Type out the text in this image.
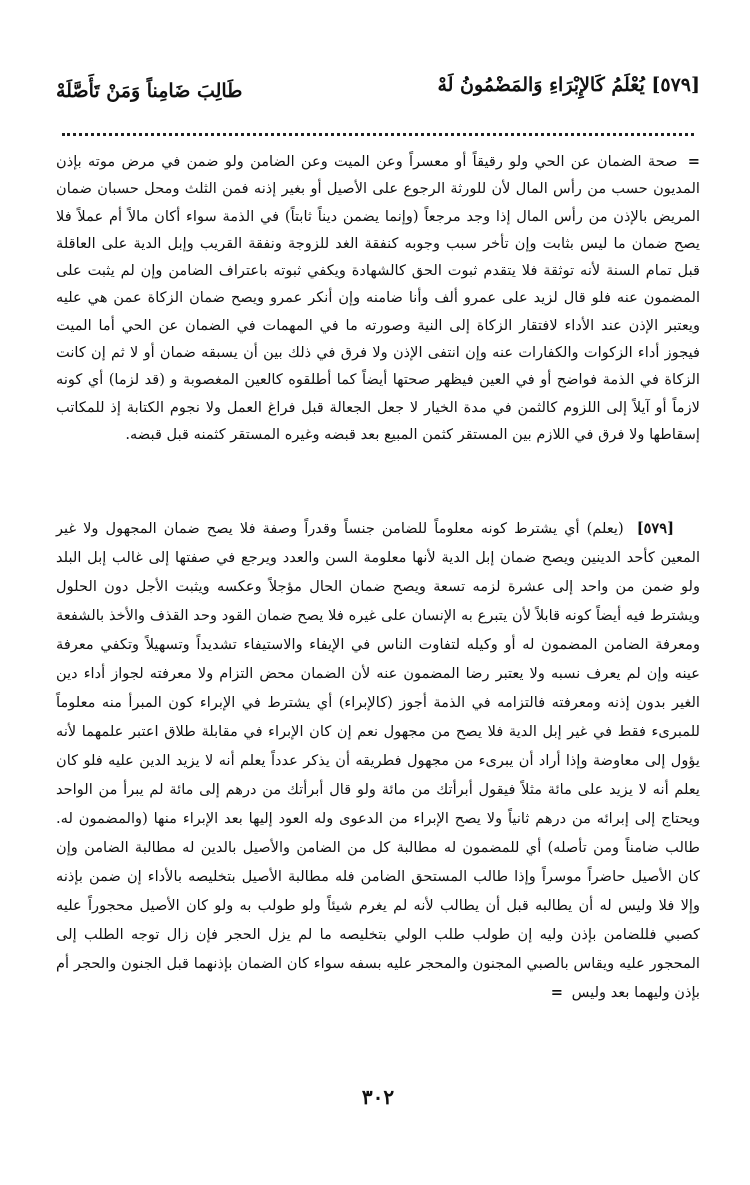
[٥٧٩] يُعْلَمُ كَالإِبْرَاءِ وَالمَضْمُونُ لَهْ
طَالِبَ ضَامِناً وَمَنْ تَأَصَّلَهْ
= صحة الضمان عن الحي ولو رقيقاً أو معسراً وعن الميت وعن الضامن ولو ضمن في مرض موته بإذن المديون حسب من رأس المال لأن للورثة الرجوع على الأصيل أو بغير إذنه فمن الثلث ومحل حسبان ضمان المريض بالإذن من رأس المال إذا وجد مرجعاً (وإنما يضمن ديناً ثابتاً) في الذمة سواء أكان مالاً أم عملاً فلا يصح ضمان ما ليس بثابت وإن تأخر سبب وجوبه كنفقة الغد للزوجة ونفقة القريب وإبل الدية على العاقلة قبل تمام السنة لأنه توثقة فلا يتقدم ثبوت الحق كالشهادة ويكفي ثبوته باعتراف الضامن وإن لم يثبت على المضمون عنه فلو قال لزيد على عمرو ألف وأنا ضامنه وإن أنكر عمرو ويصح ضمان الزكاة عمن هي عليه ويعتبر الإذن عند الأداء لافتقار الزكاة إلى النية وصورته ما في المهمات في الضمان عن الحي أما الميت فيجوز أداء الزكوات والكفارات عنه وإن انتفى الإذن ولا فرق في ذلك بين أن يسبقه ضمان أو لا ثم إن كانت الزكاة في الذمة فواضح أو في العين فيظهر صحتها أيضاً كما أطلقوه كالعين المغصوبة و (قد لزما) أي كونه لازماً أو آيلاً إلى اللزوم كالثمن في مدة الخيار لا جعل الجعالة قبل فراغ العمل ولا نجوم الكتابة إذ للمكاتب إسقاطها ولا فرق في اللازم بين المستقر كثمن المبيع بعد قبضه وغيره المستقر كثمنه قبل قبضه.
[٥٧٩] (يعلم) أي يشترط كونه معلوماً للضامن جنساً وقدراً وصفة فلا يصح ضمان المجهول ولا غير المعين كأحد الدينين ويصح ضمان إبل الدية لأنها معلومة السن والعدد ويرجع في صفتها إلى غالب إبل البلد ولو ضمن من واحد إلى عشرة لزمه تسعة ويصح ضمان الحال مؤجلاً وعكسه ويثبت الأجل دون الحلول ويشترط فيه أيضاً كونه قابلاً لأن يتبرع به الإنسان على غيره فلا يصح ضمان القود وحد القذف والأخذ بالشفعة ومعرفة الضامن المضمون له أو وكيله لتفاوت الناس في الإيفاء والاستيفاء تشديداً وتسهيلاً وتكفي معرفة عينه وإن لم يعرف نسبه ولا يعتبر رضا المضمون عنه لأن الضمان محض التزام ولا معرفته لجواز أداء دين الغير بدون إذنه ومعرفته فالتزامه في الذمة أجوز (كالإبراء) أي يشترط في الإبراء كون المبرأ منه معلوماً للمبرىء فقط في غير إبل الدية فلا يصح من مجهول نعم إن كان الإبراء في مقابلة طلاق اعتبر علمهما لأنه يؤول إلى معاوضة وإذا أراد أن يبرىء من مجهول فطريقه أن يذكر عدداً يعلم أنه لا يزيد الدين عليه فلو كان يعلم أنه لا يزيد على مائة مثلاً فيقول أبرأتك من مائة ولو قال أبرأتك من درهم إلى مائة لم يبرأ من الواحد ويحتاج إلى إبرائه من درهم ثانياً ولا يصح الإبراء من الدعوى وله العود إليها بعد الإبراء منها (والمضمون له. طالب ضامناً ومن تأصله) أي للمضمون له مطالبة كل من الضامن والأصيل بالدين له مطالبة الضامن وإن كان الأصيل حاضراً موسراً وإذا طالب المستحق الضامن فله مطالبة الأصيل بتخليصه بالأداء إن ضمن بإذنه وإلا فلا وليس له أن يطالبه قبل أن يطالب لأنه لم يغرم شيئاً ولو طولب به ولو كان الأصيل محجوراً عليه كصبي فللضامن بإذن وليه إن طولب طلب الولي بتخليصه ما لم يزل الحجر فإن زال توجه الطلب إلى المحجور عليه ويقاس بالصبي المجنون والمحجر عليه بسفه سواء كان الضمان بإذنهما قبل الجنون والحجر أم بإذن وليهما بعد وليس =
٣٠٢
